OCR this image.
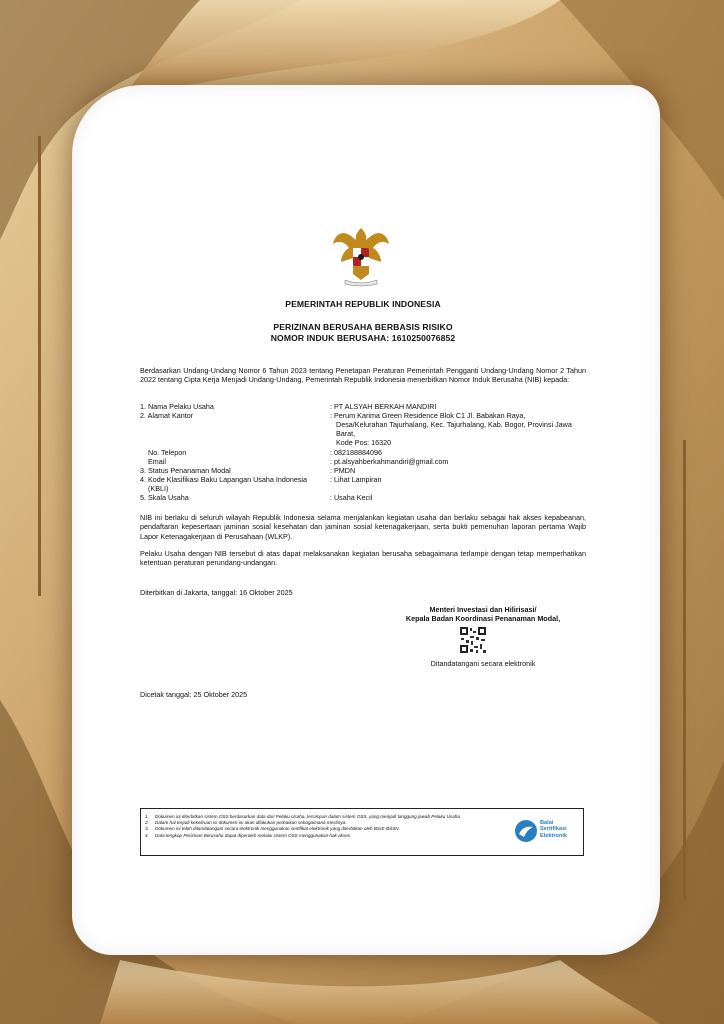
PEMERINTAH REPUBLIK INDONESIA
PERIZINAN BERUSAHA BERBASIS RISIKO
NOMOR INDUK BERUSAHA: 1610250076852
Berdasarkan Undang-Undang Nomor 6 Tahun 2023 tentang Penetapan Peraturan Pemerintah Pengganti Undang-Undang Nomor 2 Tahun 2022 tentang Cipta Kerja Menjadi Undang-Undang, Pemerintah Republik Indonesia menerbitkan Nomor Induk Berusaha (NIB) kepada:
1. Nama Pelaku Usaha	: PT ALSYAH BERKAH MANDIRI
2. Alamat Kantor	: Perum Karima Green Residence Blok C1 Jl. Babakan Raya,
Desa/Kelurahan Tajurhalang, Kec. Tajurhalang, Kab. Bogor, Provinsi Jawa
Barat,
Kode Pos: 16320
No. Telepon	: 082188884096
Email	: pt.alsyahberkahmandiri@gmail.com
3. Status Penanaman Modal	: PMDN
4. Kode Klasifikasi Baku Lapangan Usaha Indonesia
(KBLI)
: Lihat Lampiran
5. Skala Usaha	: Usaha Kecil
NIB ini berlaku di seluruh wilayah Republik Indonesia selama menjalankan kegiatan usaha dan berlaku sebagai hak akses kepabeanan, pendaftaran kepesertaan jaminan sosial kesehatan dan jaminan sosial ketenagakerjaan, serta bukti pemenuhan laporan pertama Wajib Lapor Ketenagakerjaan di Perusahaan (WLKP).
Pelaku Usaha dengan NIB tersebut di atas dapat melaksanakan kegiatan berusaha sebagaimana terlampir dengan tetap memperhatikan ketentuan peraturan perundang-undangan.
Diterbitkan di Jakarta, tanggal: 16 Oktober 2025
Menteri Investasi dan Hilirisasi/
Kepala Badan Koordinasi Penanaman Modal,
Ditandatangani secara elektronik
Dicetak tanggal: 25 Oktober 2025
1.	Dokumen ini diterbitkan sistem OSS berdasarkan data dari Pelaku Usaha, tersimpan dalam sistem OSS, yang menjadi tanggung jawab Pelaku Usaha.
2.	Dalam hal terjadi kekeliruan isi dokumen ini akan dilakukan perbaikan sebagaimana mestinya.
3.	Dokumen ini telah ditandatangani secara elektronik menggunakan sertifikat elektronik yang diterbitkan oleh BSrE-BSSN.
4.	Data lengkap Perizinan Berusaha dapat diperoleh melalui sistem OSS menggunakan hak akses.
Balai
Sertifikasi
Elektronik
